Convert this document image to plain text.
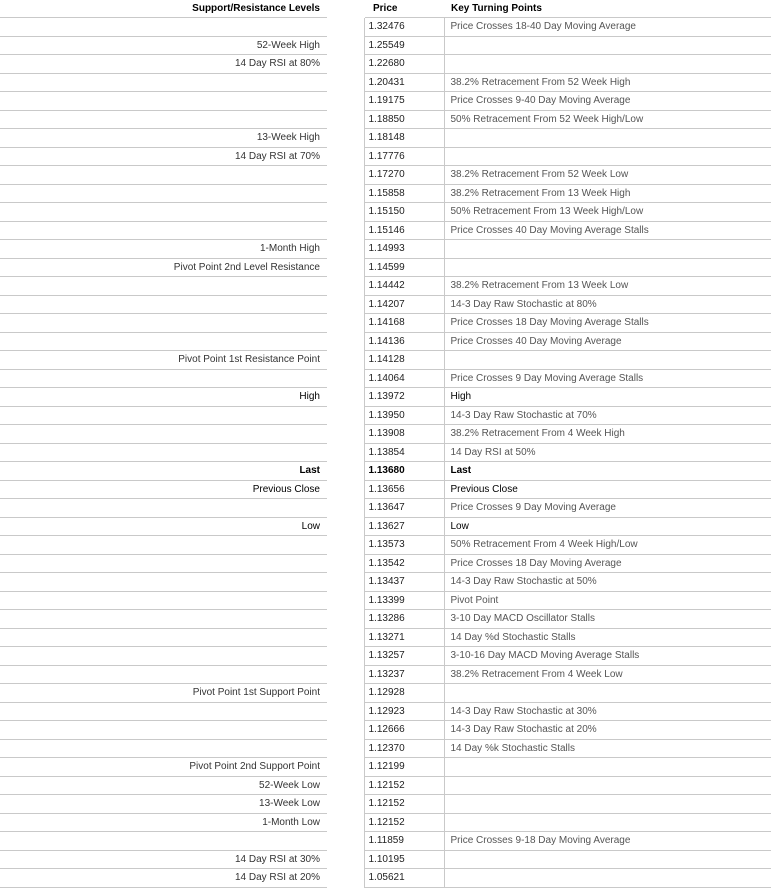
Support/Resistance Levels		Price	Key Turning Points
		1.32476	Price Crosses 18-40 Day Moving Average
52-Week High		1.25549	
14 Day RSI at 80%		1.22680	
		1.20431	38.2% Retracement From 52 Week High
		1.19175	Price Crosses 9-40 Day Moving Average
		1.18850	50% Retracement From 52 Week High/Low
13-Week High		1.18148	
14 Day RSI at 70%		1.17776	
		1.17270	38.2% Retracement From 52 Week Low
		1.15858	38.2% Retracement From 13 Week High
		1.15150	50% Retracement From 13 Week High/Low
		1.15146	Price Crosses 40 Day Moving Average Stalls
1-Month High		1.14993	
Pivot Point 2nd Level Resistance		1.14599	
		1.14442	38.2% Retracement From 13 Week Low
		1.14207	14-3 Day Raw Stochastic at 80%
		1.14168	Price Crosses 18 Day Moving Average Stalls
		1.14136	Price Crosses 40 Day Moving Average
Pivot Point 1st Resistance Point		1.14128	
		1.14064	Price Crosses 9 Day Moving Average Stalls
High		1.13972	High
		1.13950	14-3 Day Raw Stochastic at 70%
		1.13908	38.2% Retracement From 4 Week High
		1.13854	14 Day RSI at 50%
Last		1.13680	Last
Previous Close		1.13656	Previous Close
		1.13647	Price Crosses 9 Day Moving Average
Low		1.13627	Low
		1.13573	50% Retracement From 4 Week High/Low
		1.13542	Price Crosses 18 Day Moving Average
		1.13437	14-3 Day Raw Stochastic at 50%
		1.13399	Pivot Point
		1.13286	3-10 Day MACD Oscillator Stalls
		1.13271	14 Day %d Stochastic Stalls
		1.13257	3-10-16 Day MACD Moving Average Stalls
		1.13237	38.2% Retracement From 4 Week Low
Pivot Point 1st Support Point		1.12928	
		1.12923	14-3 Day Raw Stochastic at 30%
		1.12666	14-3 Day Raw Stochastic at 20%
		1.12370	14 Day %k Stochastic Stalls
Pivot Point 2nd Support Point		1.12199	
52-Week Low		1.12152	
13-Week Low		1.12152	
1-Month Low		1.12152	
		1.11859	Price Crosses 9-18 Day Moving Average
14 Day RSI at 30%		1.10195	
14 Day RSI at 20%		1.05621	
